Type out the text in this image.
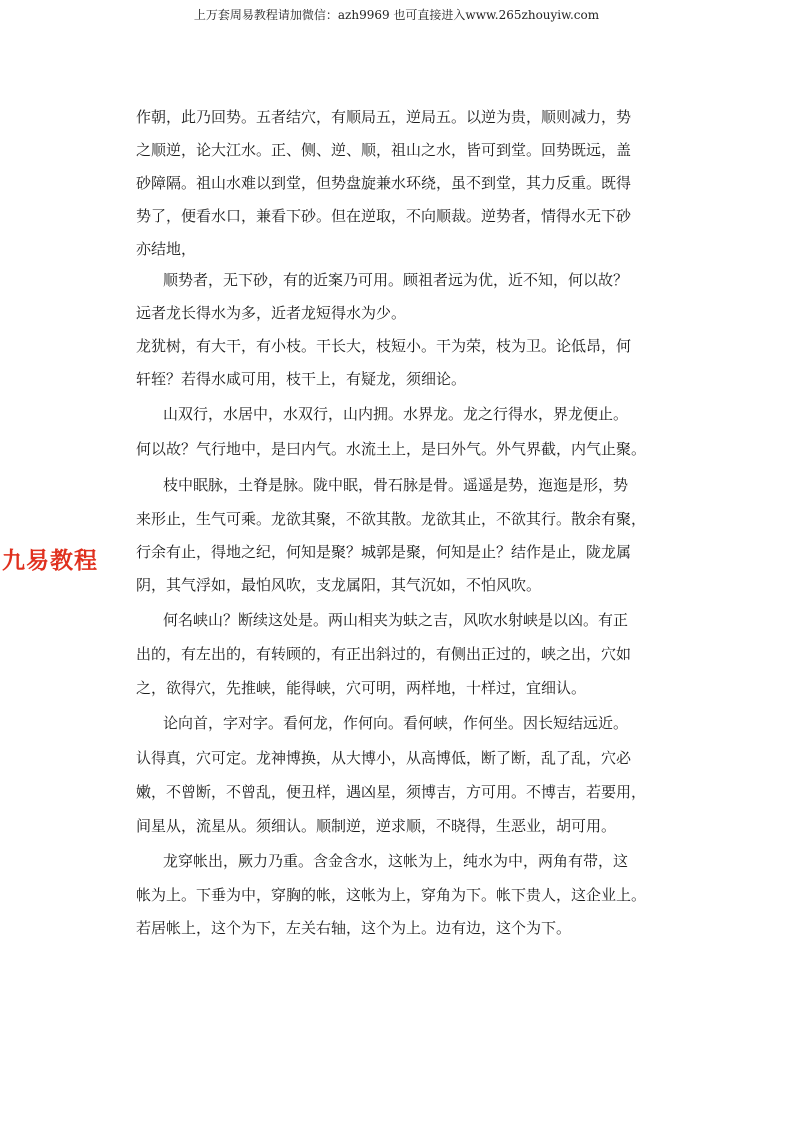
上万套周易教程请加微信：azh9969 也可直接进入www.265zhouyiw.com
九易教程
作朝，此乃回势。五者结穴，有顺局五，逆局五。以逆为贵，顺则减力，势
之顺逆，论大江水。正、侧、逆、顺，祖山之水，皆可到堂。回势既远，盖
砂障隔。祖山水难以到堂，但势盘旋兼水环绕，虽不到堂，其力反重。既得
势了，便看水口，兼看下砂。但在逆取，不向顺裁。逆势者，情得水无下砂
亦结地，
顺势者，无下砂，有的近案乃可用。顾祖者远为优，近不知，何以故？
远者龙长得水为多，近者龙短得水为少。
龙犹树，有大干，有小枝。干长大，枝短小。干为荣，枝为卫。论低昂，何
轩轾？若得水咸可用，枝干上，有疑龙，须细论。
山双行，水居中，水双行，山内拥。水界龙。龙之行得水，界龙便止。
何以故？气行地中，是曰内气。水流土上，是曰外气。外气界截，内气止聚。
枝中眠脉，土脊是脉。陇中眠，骨石脉是骨。遥遥是势，迤迤是形，势
来形止，生气可乘。龙欲其聚，不欲其散。龙欲其止，不欲其行。散余有聚，
行余有止，得地之纪，何知是聚？城郭是聚，何知是止？结作是止，陇龙属
阴，其气浮如，最怕风吹，支龙属阳，其气沉如，不怕风吹。
何名峡山？断续这处是。两山相夹为蚨之吉，风吹水射峡是以凶。有正
出的，有左出的，有转顾的，有正出斜过的，有侧出正过的，峡之出，穴如
之，欲得穴，先推峡，能得峡，穴可明，两样地，十样过，宜细认。
论向首，字对字。看何龙，作何向。看何峡，作何坐。因长短结远近。
认得真，穴可定。龙神博换，从大博小，从高博低，断了断，乱了乱，穴必
嫩，不曾断，不曾乱，便丑样，遇凶星，须博吉，方可用。不博吉，若要用，
间星从，流星从。须细认。顺制逆，逆求顺，不晓得，生恶业，胡可用。
龙穿帐出，厥力乃重。含金含水，这帐为上，纯水为中，两角有带，这
帐为上。下垂为中，穿胸的帐，这帐为上，穿角为下。帐下贵人，这企业上。
若居帐上，这个为下，左关右轴，这个为上。边有边，这个为下。
